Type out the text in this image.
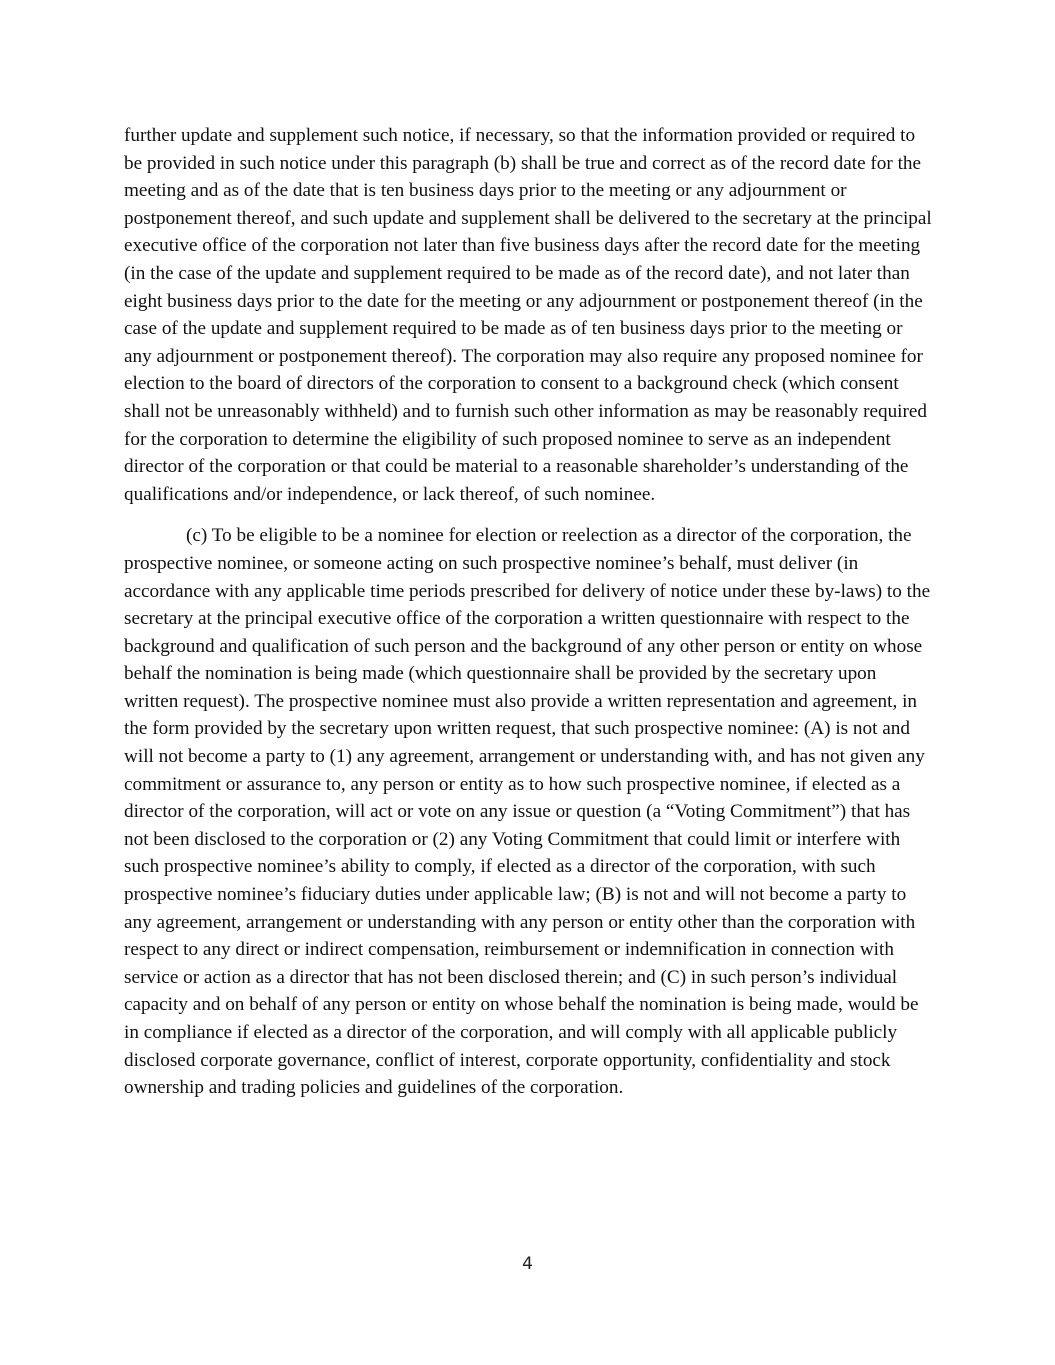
further update and supplement such notice, if necessary, so that the information provided or required to be provided in such notice under this paragraph (b) shall be true and correct as of the record date for the meeting and as of the date that is ten business days prior to the meeting or any adjournment or postponement thereof, and such update and supplement shall be delivered to the secretary at the principal executive office of the corporation not later than five business days after the record date for the meeting (in the case of the update and supplement required to be made as of the record date), and not later than eight business days prior to the date for the meeting or any adjournment or postponement thereof (in the case of the update and supplement required to be made as of ten business days prior to the meeting or any adjournment or postponement thereof). The corporation may also require any proposed nominee for election to the board of directors of the corporation to consent to a background check (which consent shall not be unreasonably withheld) and to furnish such other information as may be reasonably required for the corporation to determine the eligibility of such proposed nominee to serve as an independent director of the corporation or that could be material to a reasonable shareholder’s understanding of the qualifications and/or independence, or lack thereof, of such nominee.

(c) To be eligible to be a nominee for election or reelection as a director of the corporation, the prospective nominee, or someone acting on such prospective nominee’s behalf, must deliver (in accordance with any applicable time periods prescribed for delivery of notice under these by-laws) to the secretary at the principal executive office of the corporation a written questionnaire with respect to the background and qualification of such person and the background of any other person or entity on whose behalf the nomination is being made (which questionnaire shall be provided by the secretary upon written request). The prospective nominee must also provide a written representation and agreement, in the form provided by the secretary upon written request, that such prospective nominee: (A) is not and will not become a party to (1) any agreement, arrangement or understanding with, and has not given any commitment or assurance to, any person or entity as to how such prospective nominee, if elected as a director of the corporation, will act or vote on any issue or question (a “Voting Commitment”) that has not been disclosed to the corporation or (2) any Voting Commitment that could limit or interfere with such prospective nominee’s ability to comply, if elected as a director of the corporation, with such prospective nominee’s fiduciary duties under applicable law; (B) is not and will not become a party to any agreement, arrangement or understanding with any person or entity other than the corporation with respect to any direct or indirect compensation, reimbursement or indemnification in connection with service or action as a director that has not been disclosed therein; and (C) in such person’s individual capacity and on behalf of any person or entity on whose behalf the nomination is being made, would be in compliance if elected as a director of the corporation, and will comply with all applicable publicly disclosed corporate governance, conflict of interest, corporate opportunity, confidentiality and stock ownership and trading policies and guidelines of the corporation.

4
